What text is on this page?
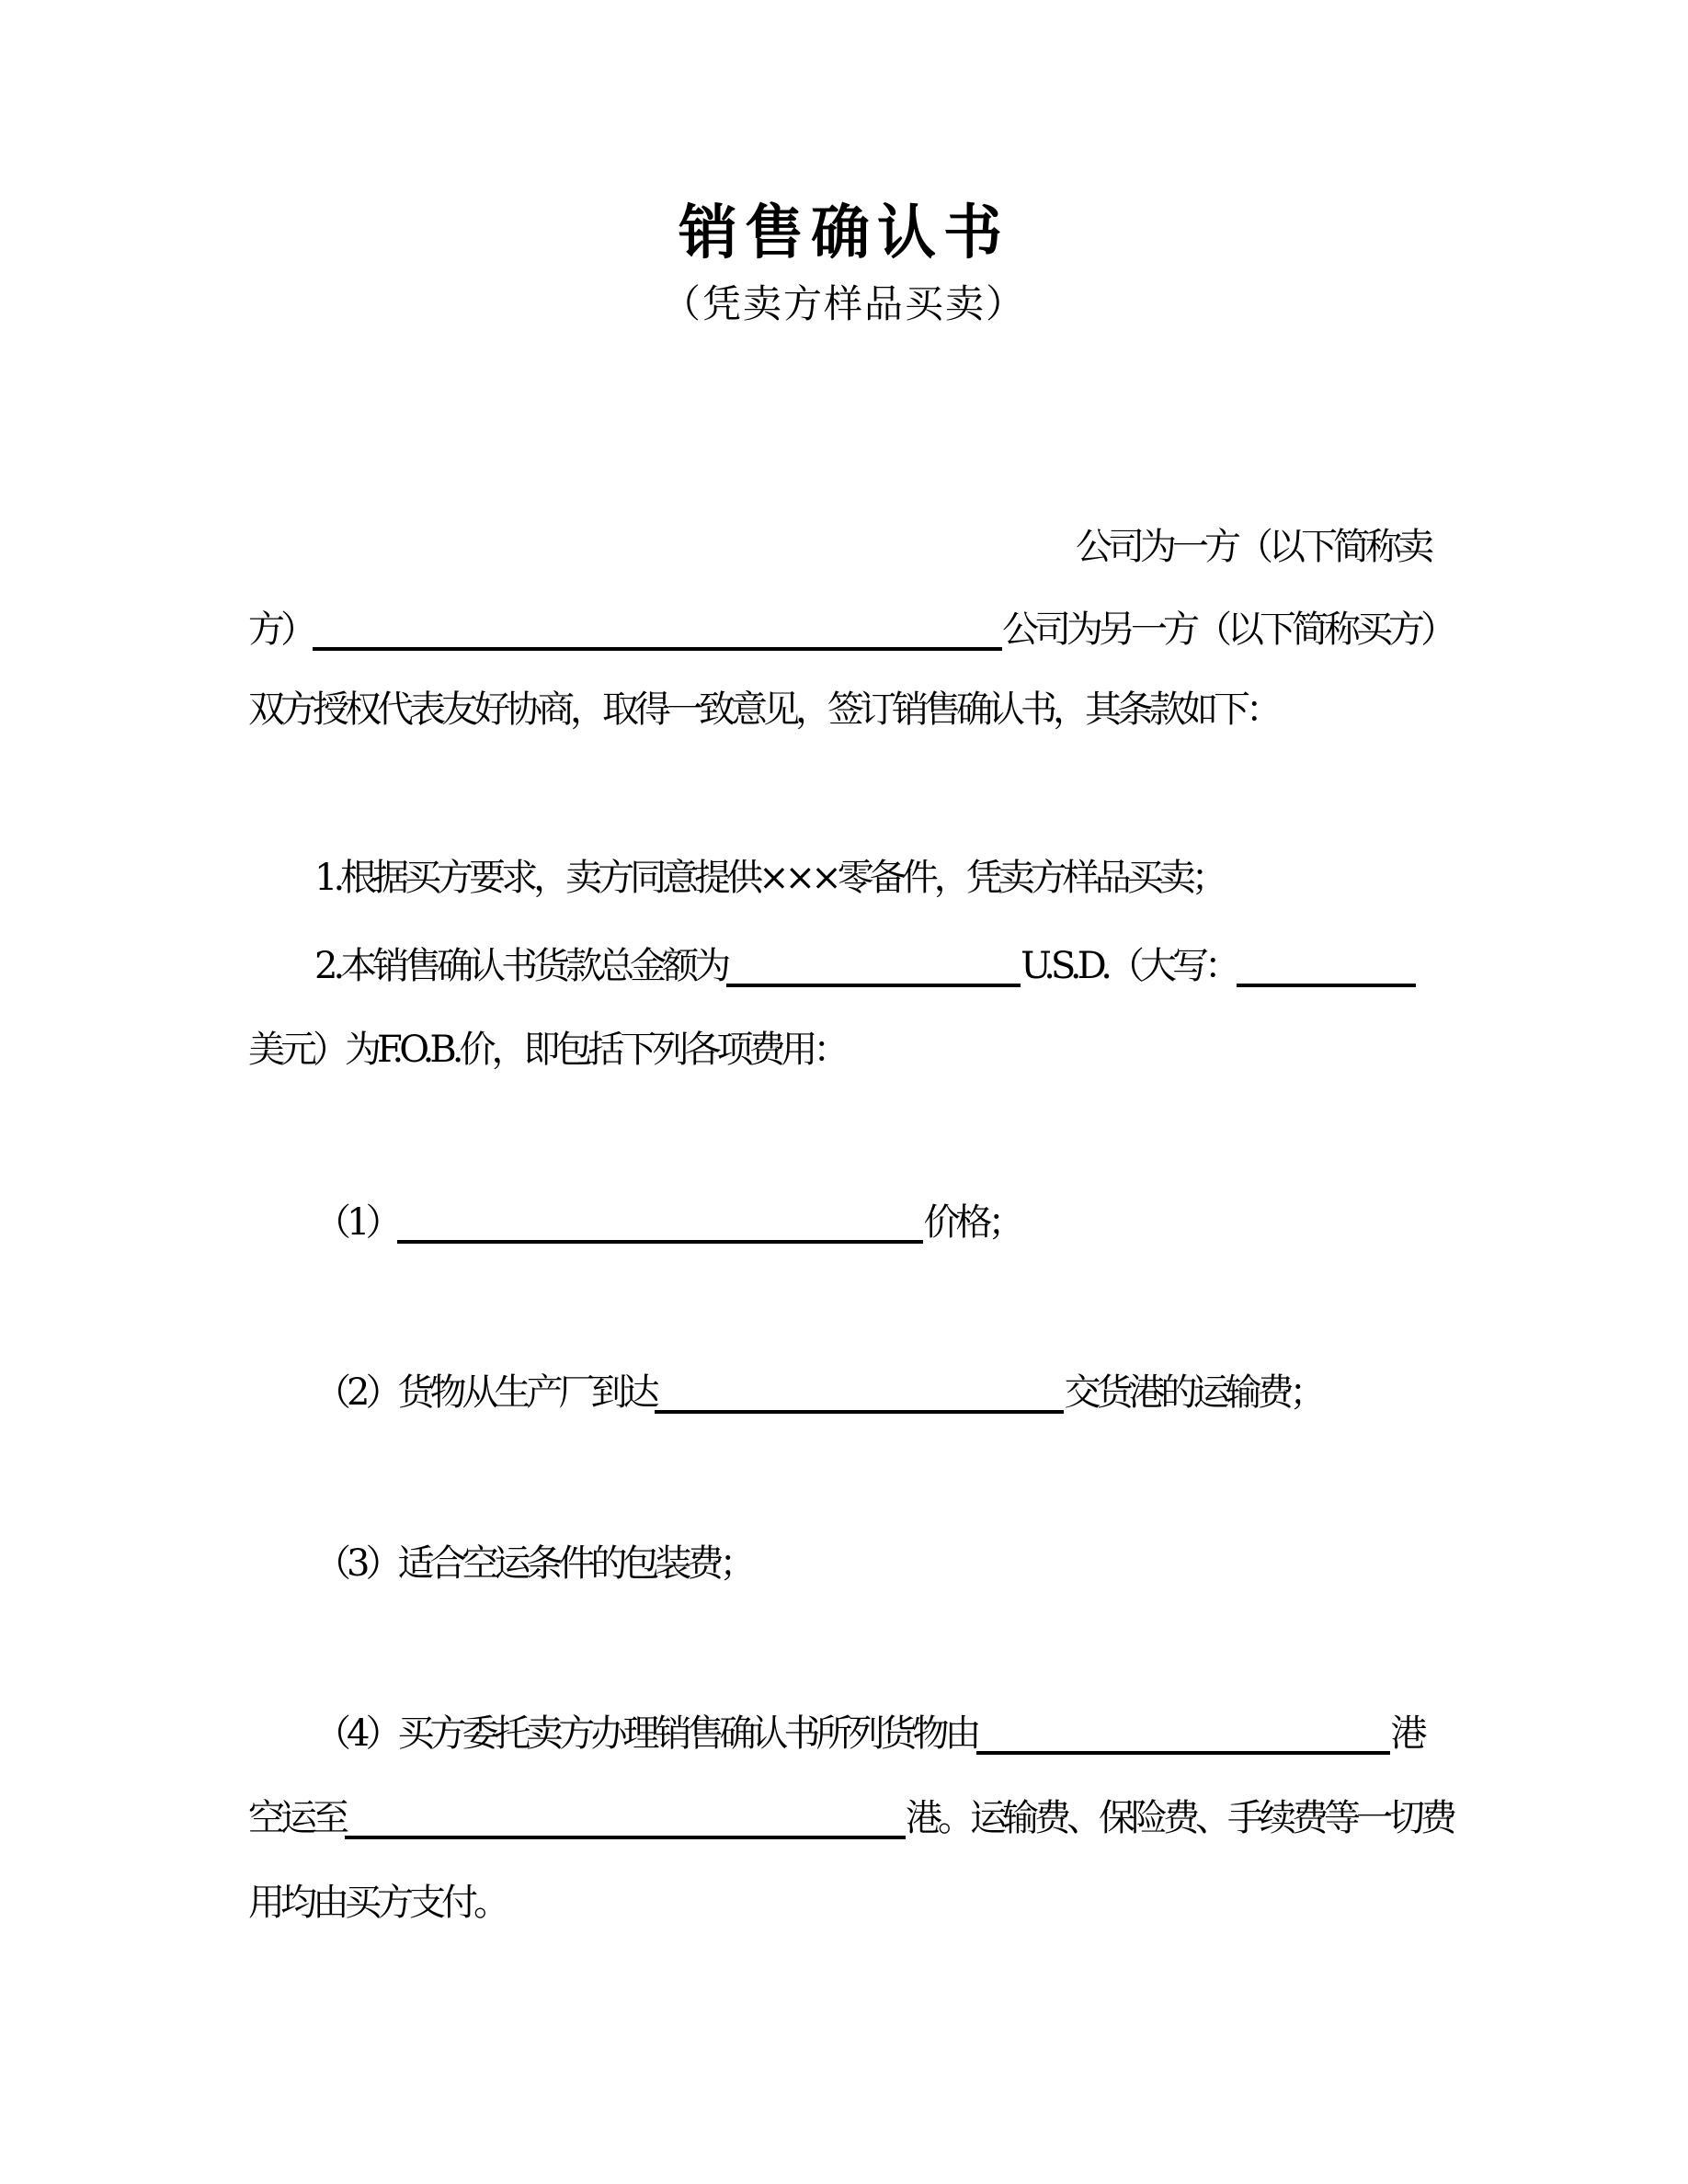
销售确认书
（凭卖方样品买卖）
公司为一方（以下简称卖
方）	公司为另一方（以下简称买方）
双方授权代表友好协商，取得一致意见，签订销售确认书，其条款如下：
1.根据买方要求，卖方同意提供×××零备件，凭卖方样品买卖；
2.本销售确认书货款总金额为	U.S.D.（大写：
美元）为F.O.B.价，即包括下列各项费用：
（1）	价格；
（2）货物从生产厂到达	交货港的运输费；
（3）适合空运条件的包装费；
（4）买方委托卖方办理销售确认书所列货物由	港
空运至	港。运输费、保险费、手续费等一切费
用均由买方支付。
